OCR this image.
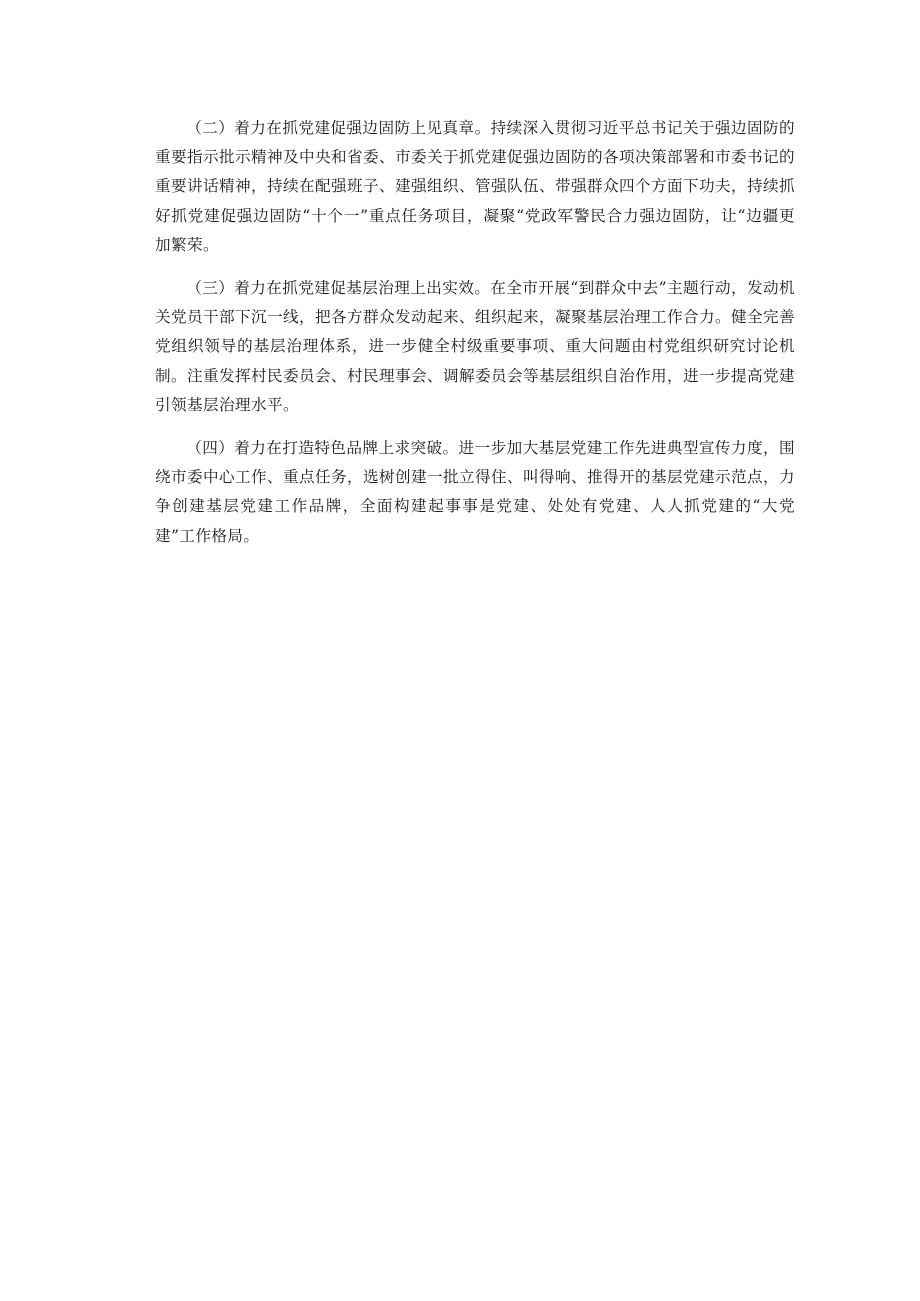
（二）着力在抓党建促强边固防上见真章。持续深入贯彻习近平总书记关于强边固防的重要指示批示精神及中央和省委、市委关于抓党建促强边固防的各项决策部署和市委书记的重要讲话精神，持续在配强班子、建强组织、管强队伍、带强群众四个方面下功夫，持续抓好抓党建促强边固防“十个一”重点任务项目，凝聚“党政军警民合力强边固防，让“边疆更加繁荣。

（三）着力在抓党建促基层治理上出实效。在全市开展“到群众中去”主题行动，发动机关党员干部下沉一线，把各方群众发动起来、组织起来，凝聚基层治理工作合力。健全完善党组织领导的基层治理体系，进一步健全村级重要事项、重大问题由村党组织研究讨论机制。注重发挥村民委员会、村民理事会、调解委员会等基层组织自治作用，进一步提高党建引领基层治理水平。

（四）着力在打造特色品牌上求突破。进一步加大基层党建工作先进典型宣传力度，围绕市委中心工作、重点任务，选树创建一批立得住、叫得响、推得开的基层党建示范点，力争创建基层党建工作品牌，全面构建起事事是党建、处处有党建、人人抓党建的“大党建”工作格局。
